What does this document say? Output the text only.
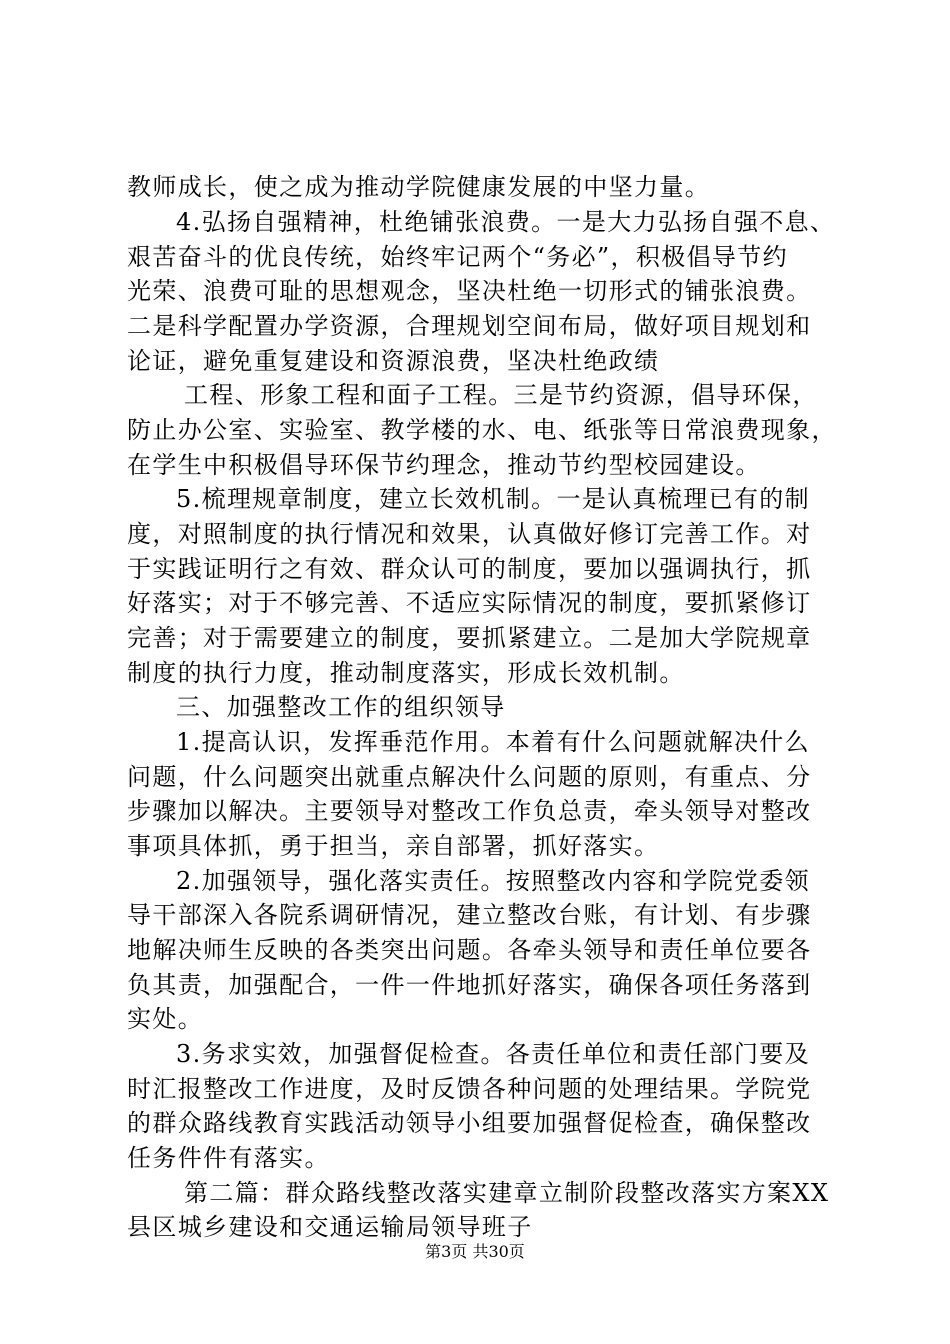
教师成长，使之成为推动学院健康发展的中坚力量。
4.弘扬自强精神，杜绝铺张浪费。一是大力弘扬自强不息、
艰苦奋斗的优良传统，始终牢记两个“务必”，积极倡导节约
光荣、浪费可耻的思想观念，坚决杜绝一切形式的铺张浪费。
二是科学配置办学资源，合理规划空间布局，做好项目规划和
论证，避免重复建设和资源浪费，坚决杜绝政绩
工程、形象工程和面子工程。三是节约资源，倡导环保，
防止办公室、实验室、教学楼的水、电、纸张等日常浪费现象，
在学生中积极倡导环保节约理念，推动节约型校园建设。
5.梳理规章制度，建立长效机制。一是认真梳理已有的制
度，对照制度的执行情况和效果，认真做好修订完善工作。对
于实践证明行之有效、群众认可的制度，要加以强调执行，抓
好落实；对于不够完善、不适应实际情况的制度，要抓紧修订
完善；对于需要建立的制度，要抓紧建立。二是加大学院规章
制度的执行力度，推动制度落实，形成长效机制。
三、加强整改工作的组织领导
1.提高认识，发挥垂范作用。本着有什么问题就解决什么
问题，什么问题突出就重点解决什么问题的原则，有重点、分
步骤加以解决。主要领导对整改工作负总责，牵头领导对整改
事项具体抓，勇于担当，亲自部署，抓好落实。
2.加强领导，强化落实责任。按照整改内容和学院党委领
导干部深入各院系调研情况，建立整改台账，有计划、有步骤
地解决师生反映的各类突出问题。各牵头领导和责任单位要各
负其责，加强配合，一件一件地抓好落实，确保各项任务落到
实处。
3.务求实效，加强督促检查。各责任单位和责任部门要及
时汇报整改工作进度，及时反馈各种问题的处理结果。学院党
的群众路线教育实践活动领导小组要加强督促检查，确保整改
任务件件有落实。
第二篇：群众路线整改落实建章立制阶段整改落实方案XX
县区城乡建设和交通运输局领导班子
第3页 共30页
